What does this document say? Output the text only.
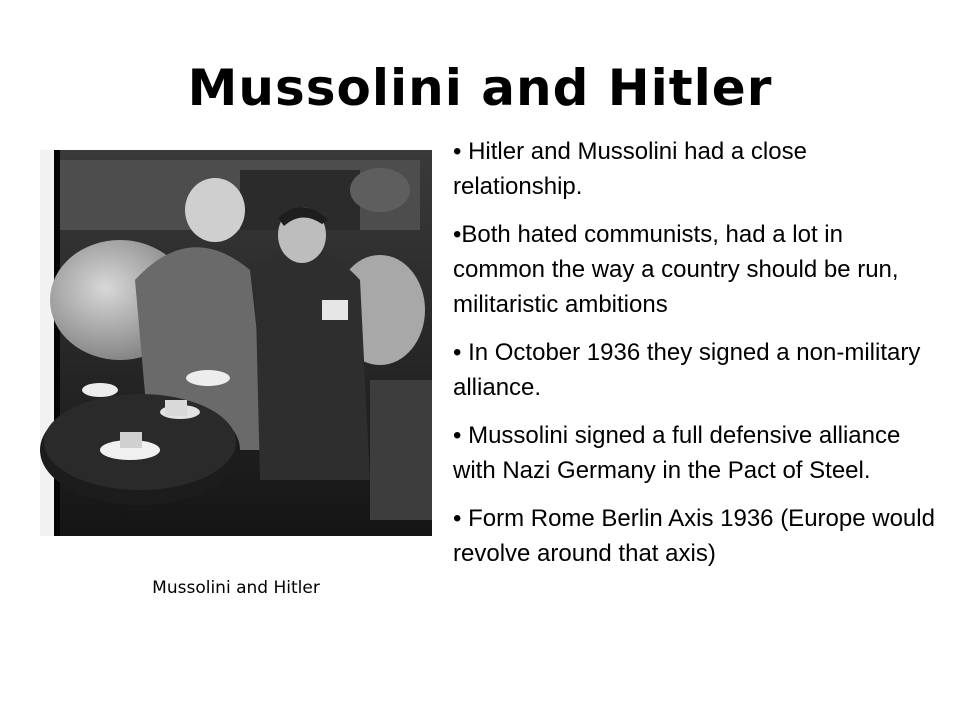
Mussolini and Hitler
Mussolini and Hitler
• Hitler and Mussolini had a close relationship.
•Both hated communists, had a lot in common the way a country should be run, militaristic ambitions
• In October 1936 they signed a non-military alliance.
• Mussolini signed a full defensive alliance with Nazi Germany in the Pact of Steel.
• Form Rome Berlin Axis 1936 (Europe would revolve around that axis)
